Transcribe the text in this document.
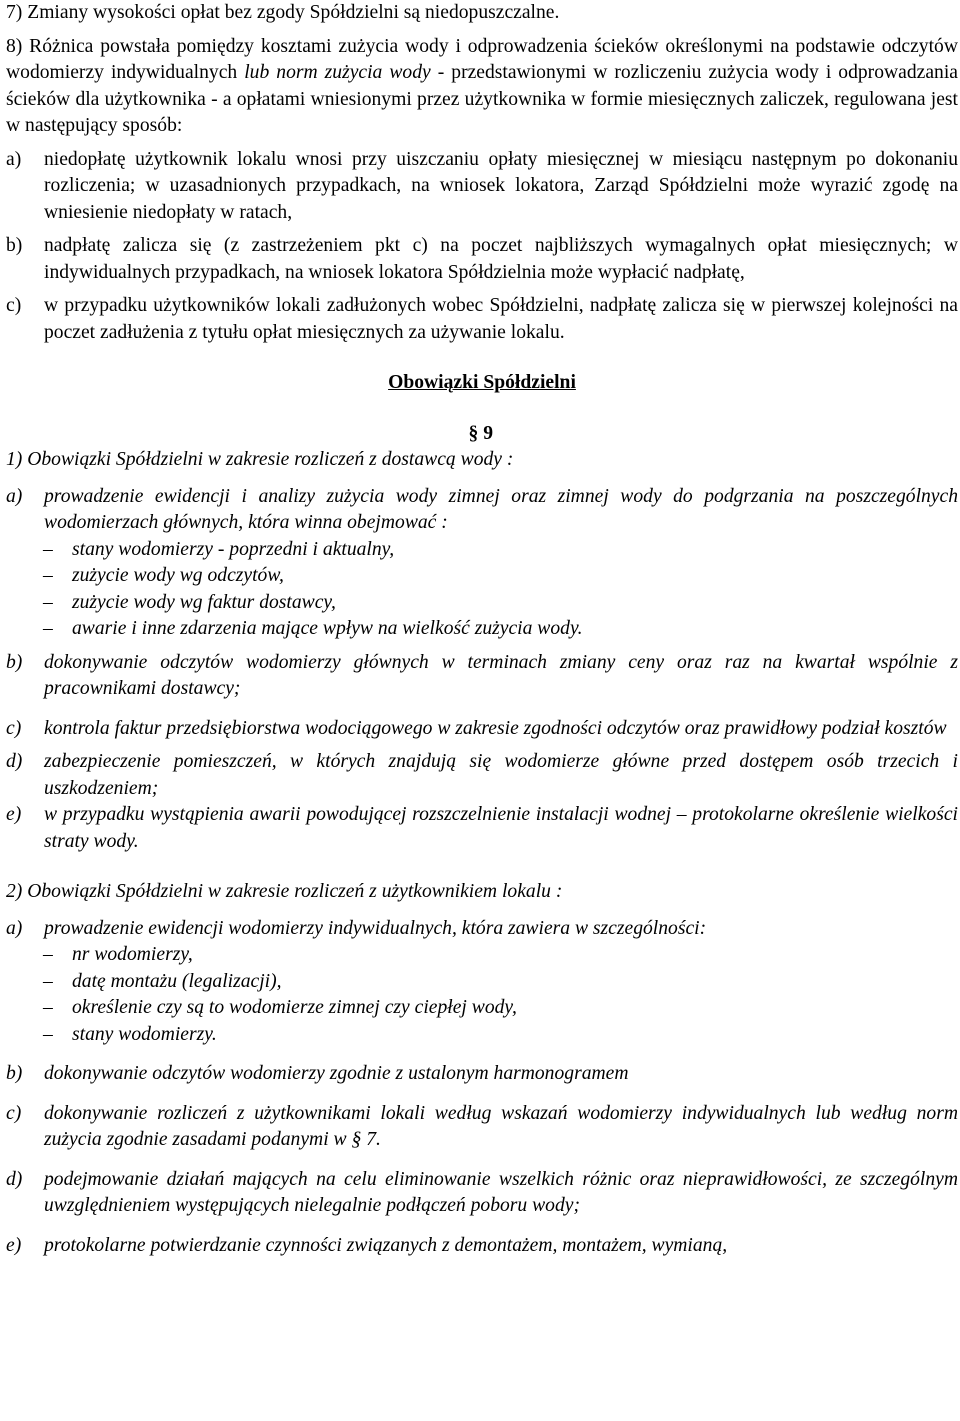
7) Zmiany wysokości opłat bez zgody Spółdzielni są niedopuszczalne.

8) Różnica powstała pomiędzy kosztami zużycia wody i odprowadzenia ścieków określonymi na podstawie odczytów wodomierzy indywidualnych lub norm zużycia wody - przedstawionymi w rozliczeniu zużycia wody i odprowadzania ścieków dla użytkownika - a opłatami wniesionymi przez użytkownika w formie miesięcznych zaliczek, regulowana jest w następujący sposób:

a) niedopłatę użytkownik lokalu wnosi przy uiszczaniu opłaty miesięcznej w miesiącu następnym po dokonaniu rozliczenia; w uzasadnionych przypadkach, na wniosek lokatora, Zarząd Spółdzielni może wyrazić zgodę na wniesienie niedopłaty w ratach,

b) nadpłatę zalicza się (z zastrzeżeniem pkt c) na poczet najbliższych wymagalnych opłat miesięcznych; w indywidualnych przypadkach, na wniosek lokatora Spółdzielnia może wypłacić nadpłatę,

c) w przypadku użytkowników lokali zadłużonych wobec Spółdzielni, nadpłatę zalicza się w pierwszej kolejności na poczet zadłużenia z tytułu opłat miesięcznych za używanie lokalu.

Obowiązki Spółdzielni

§ 9

1) Obowiązki Spółdzielni w zakresie rozliczeń z dostawcą wody :

a) prowadzenie ewidencji i analizy zużycia wody zimnej oraz zimnej wody do podgrzania na poszczególnych wodomierzach głównych, która winna obejmować :

– stany wodomierzy - poprzedni i aktualny,

– zużycie wody wg odczytów,

– zużycie wody wg faktur dostawcy,

– awarie i inne zdarzenia mające wpływ na wielkość zużycia wody.

b) dokonywanie odczytów wodomierzy głównych w terminach zmiany ceny oraz raz na kwartał wspólnie z pracownikami dostawcy;

c) kontrola faktur przedsiębiorstwa wodociągowego w zakresie zgodności odczytów oraz prawidłowy podział kosztów

d) zabezpieczenie pomieszczeń, w których znajdują się wodomierze główne przed dostępem osób trzecich i uszkodzeniem;

e) w przypadku wystąpienia awarii powodującej rozszczelnienie instalacji wodnej – protokolarne określenie wielkości straty wody.

2) Obowiązki Spółdzielni w zakresie rozliczeń z użytkownikiem lokalu :

a) prowadzenie ewidencji wodomierzy indywidualnych, która zawiera w szczególności:

– nr wodomierzy,

– datę montażu (legalizacji),

– określenie czy są to wodomierze zimnej czy ciepłej wody,

– stany wodomierzy.

b) dokonywanie odczytów wodomierzy zgodnie z ustalonym harmonogramem

c) dokonywanie rozliczeń z użytkownikami lokali według wskazań wodomierzy indywidualnych lub według norm zużycia zgodnie zasadami podanymi w § 7.

d) podejmowanie działań mających na celu eliminowanie wszelkich różnic oraz nieprawidłowości, ze szczególnym uwzględnieniem występujących nielegalnie podłączeń poboru wody;

e) protokolarne potwierdzanie czynności związanych z demontażem, montażem, wymianą,
